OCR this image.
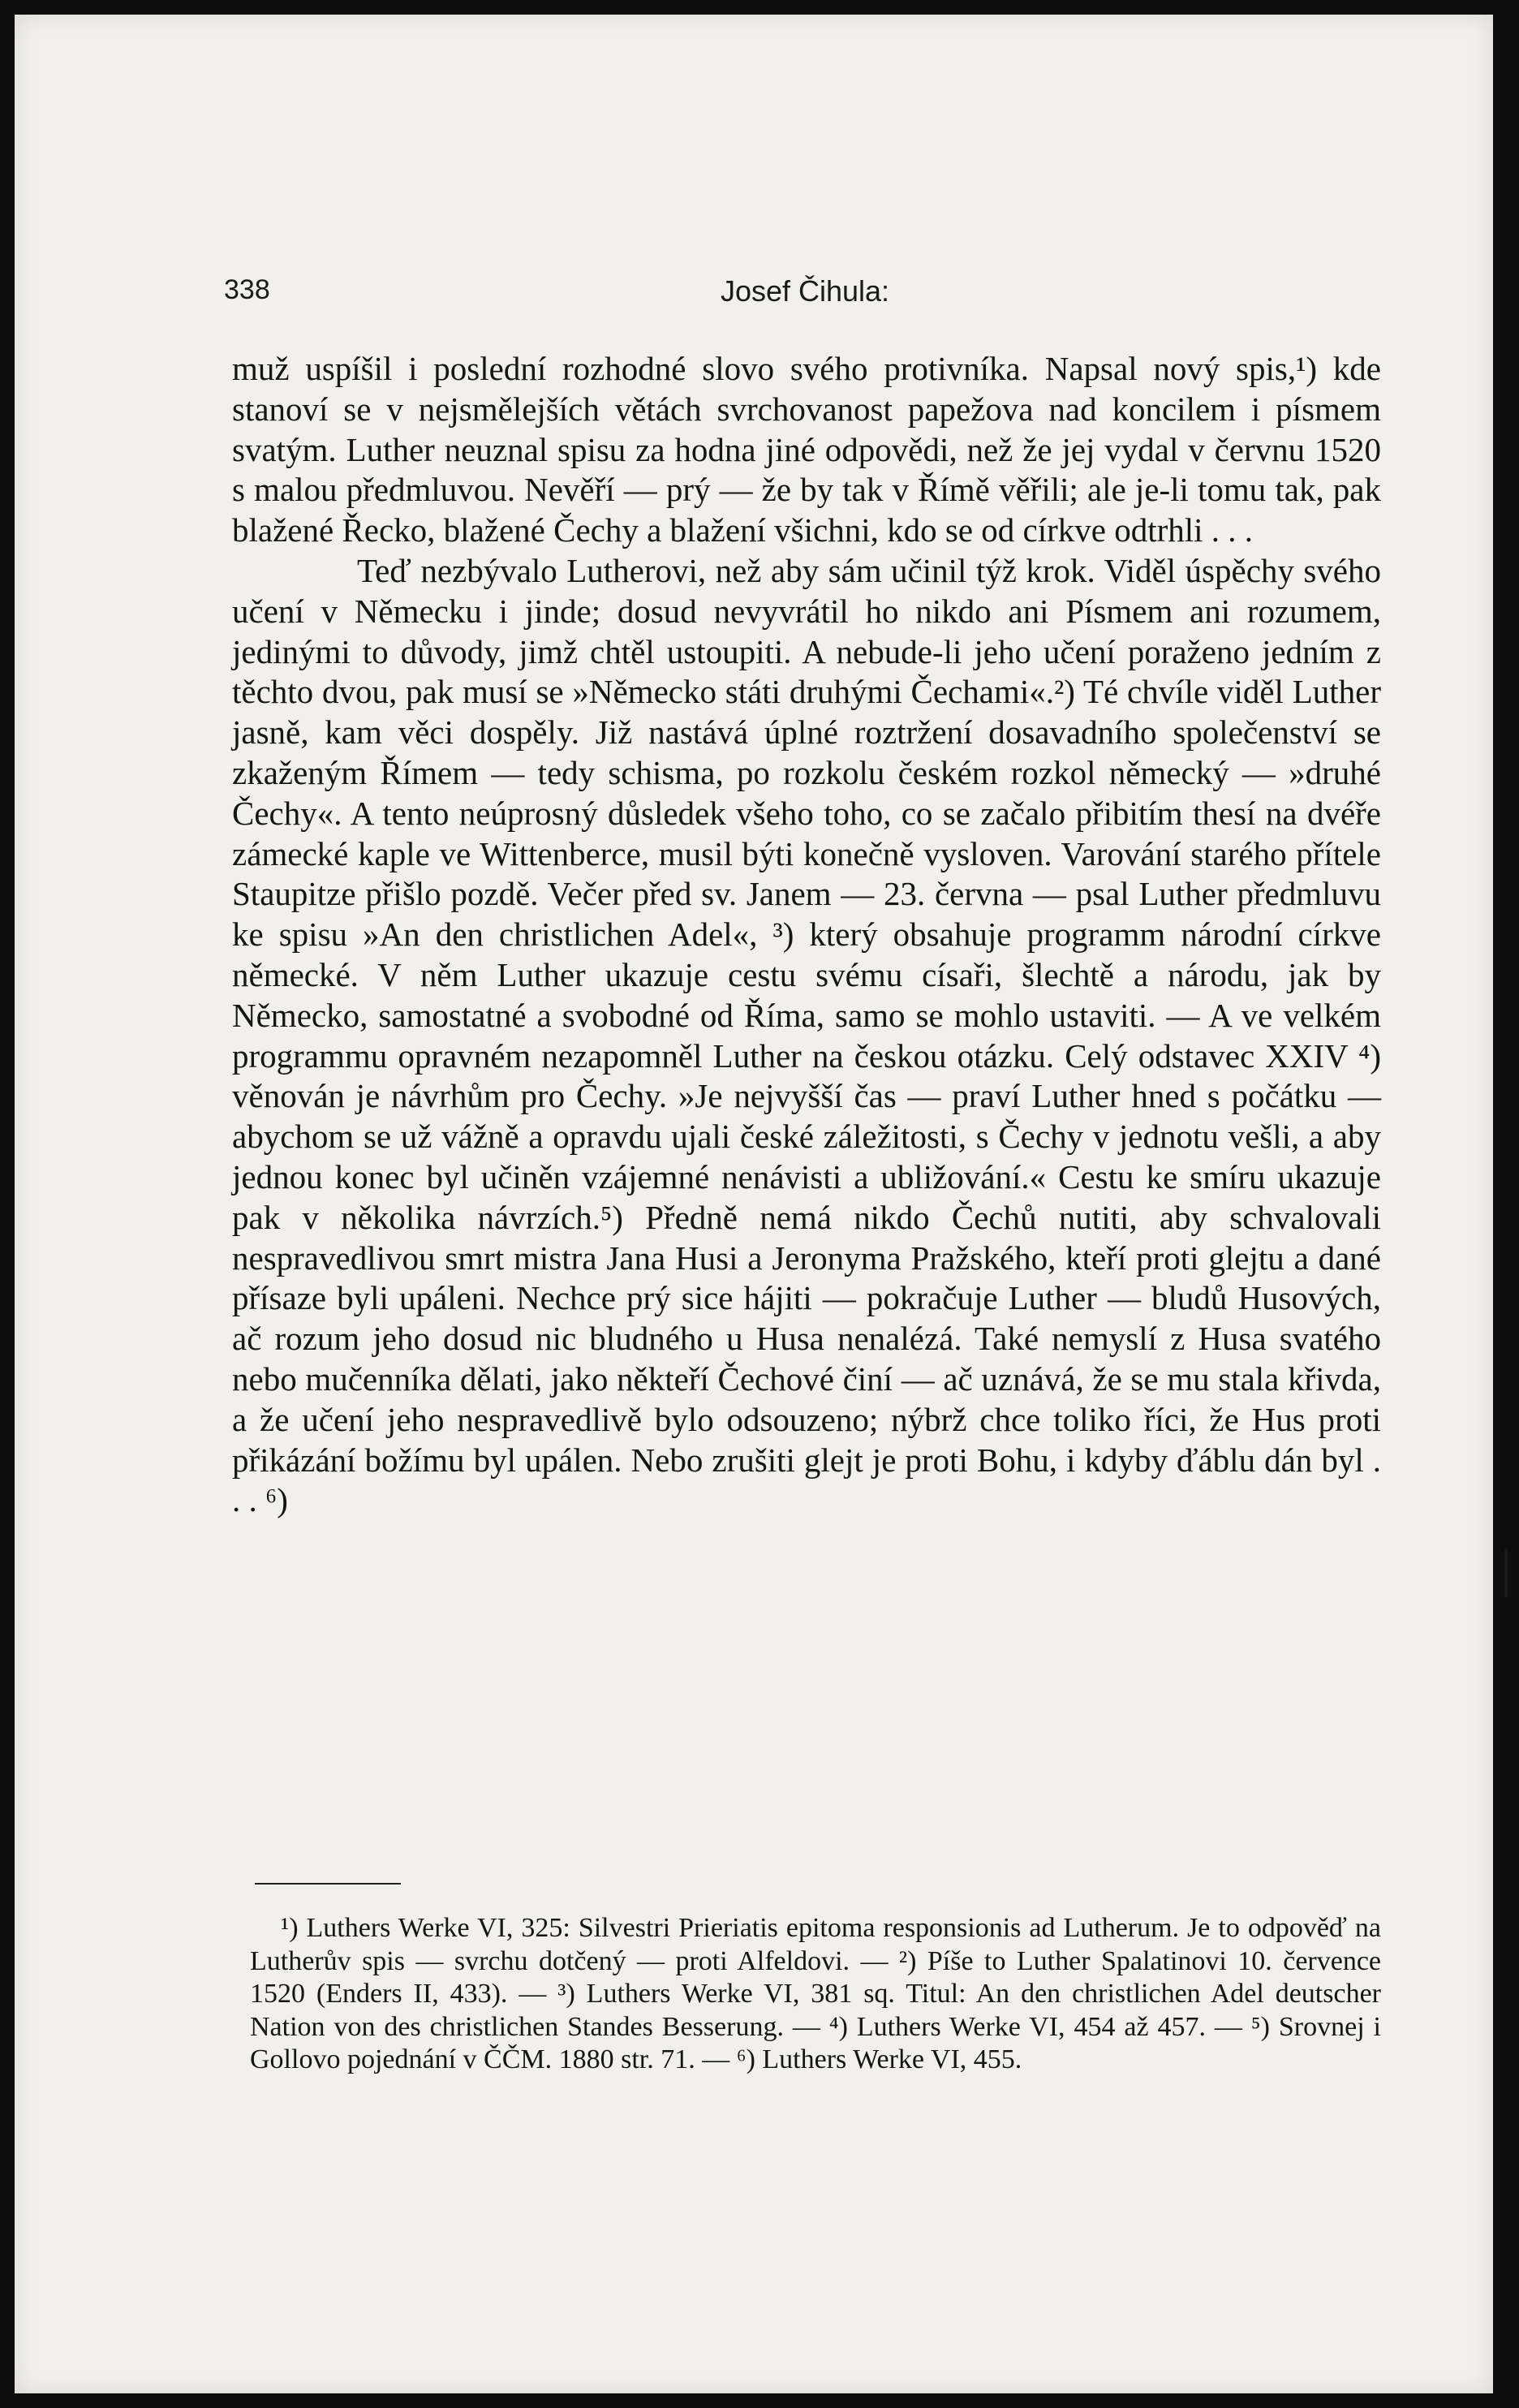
338	Josef Čihula:

muž uspíšil i poslední rozhodné slovo svého protivníka. Napsal nový spis,¹) kde stanoví se v nejsmělejších větách svrchovanost papežova nad koncilem i písmem svatým. Luther neuznal spisu za hodna jiné odpovědi, než že jej vydal v červnu 1520 s malou předmluvou. Nevěří — prý — že by tak v Římě věřili; ale je-li tomu tak, pak blažené Řecko, blažené Čechy a blažení všichni, kdo se od církve odtrhli . . .

Teď nezbývalo Lutherovi, než aby sám učinil týž krok. Viděl úspěchy svého učení v Německu i jinde; dosud nevyvrátil ho nikdo ani Písmem ani rozumem, jedinými to důvody, jimž chtěl ustoupiti. A nebude-li jeho učení poraženo jedním z těchto dvou, pak musí se »Německo státi druhými Čechami«.²) Té chvíle viděl Luther jasně, kam věci dospěly. Již nastává úplné roztržení dosavadního společenství se zkaženým Římem — tedy schisma, po rozkolu českém rozkol německý — »druhé Čechy«. A tento neúprosný důsledek všeho toho, co se začalo přibitím thesí na dvéře zámecké kaple ve Wittenberce, musil býti konečně vysloven. Varování starého přítele Staupitze přišlo pozdě. Večer před sv. Janem — 23. června — psal Luther předmluvu ke spisu »An den christlichen Adel«, ³) který obsahuje programm národní církve německé. V něm Luther ukazuje cestu svému císaři, šlechtě a národu, jak by Německo, samostatné a svobodné od Říma, samo se mohlo ustaviti. — A ve velkém programmu opravném nezapomněl Luther na českou otázku. Celý odstavec XXIV ⁴) věnován je návrhům pro Čechy. »Je nejvyšší čas — praví Luther hned s počátku — abychom se už vážně a opravdu ujali české záležitosti, s Čechy v jednotu vešli, a aby jednou konec byl učiněn vzájemné nenávisti a ubližování.« Cestu ke smíru ukazuje pak v několika návrzích.⁵) Předně nemá nikdo Čechů nutiti, aby schvalovali nespravedlivou smrt mistra Jana Husi a Jeronyma Pražského, kteří proti glejtu a dané přísaze byli upáleni. Nechce prý sice hájiti — pokračuje Luther — bludů Husových, ač rozum jeho dosud nic bludného u Husa nenalézá. Také nemyslí z Husa svatého nebo mučenníka dělati, jako někteří Čechové činí — ač uznává, že se mu stala křivda, a že učení jeho nespravedlivě bylo odsouzeno; nýbrž chce toliko říci, že Hus proti přikázání božímu byl upálen. Nebo zrušiti glejt je proti Bohu, i kdyby ďáblu dán byl . . . ⁶)

¹) Luthers Werke VI, 325: Silvestri Prieriatis epitoma responsionis ad Lutherum. Je to odpověď na Lutherův spis — svrchu dotčený — proti Alfeldovi. — ²) Píše to Luther Spalatinovi 10. července 1520 (Enders II, 433). — ³) Luthers Werke VI, 381 sq. Titul: An den christlichen Adel deutscher Nation von des christlichen Standes Besserung. — ⁴) Luthers Werke VI, 454 až 457. — ⁵) Srovnej i Gollovo pojednání v ČČM. 1880 str. 71. — ⁶) Luthers Werke VI, 455.
